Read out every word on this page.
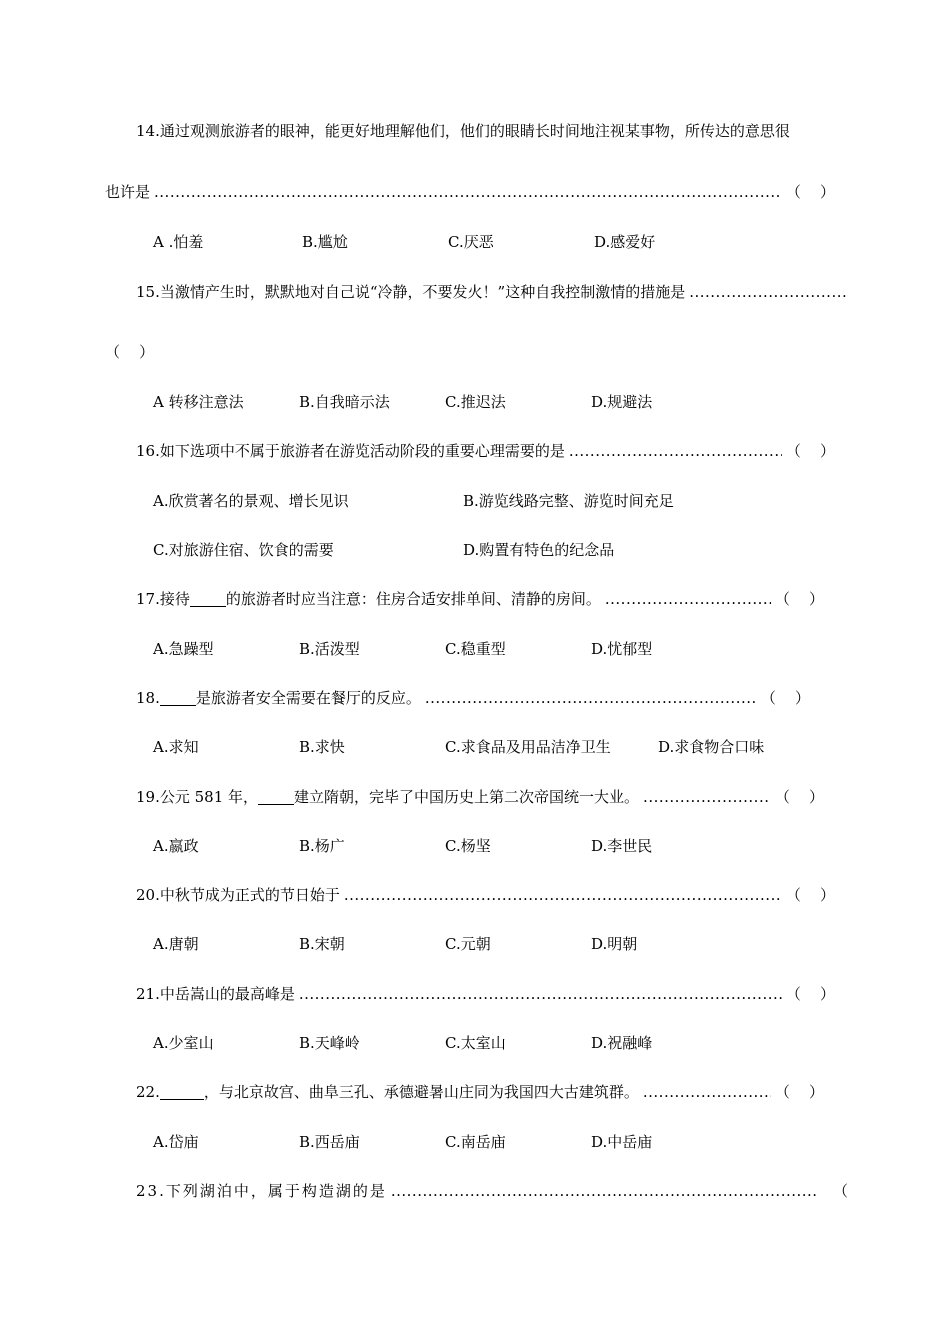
14.通过观测旅游者的眼神，能更好地理解他们，他们的眼睛长时间地注视某事物，所传达的意思很
也许是 .....	（    ）
A .怕羞	B.尴尬	C.厌恶	D.感爱好
15.当激情产生时，默默地对自己说“冷静，不要发火！”这种自我控制激情的措施是
.....
（    ）
A 转移注意法	B.自我暗示法	C.推迟法	D.规避法
16.如下选项中不属于旅游者在游览活动阶段的重要心理需要的是 .....	（    ）
A.欣赏著名的景观、增长见识	B.游览线路完整、游览时间充足
C.对旅游住宿、饮食的需要	D.购置有特色的纪念品
17.接待 的旅游者时应当注意：住房合适安排单间、清静的房间。 .....	（    ）
A.急躁型	B.活泼型	C.稳重型	D.忧郁型
18. 是旅游者安全需要在餐厅的反应。 .....	（    ）
A.求知	B.求快	C.求食品及用品洁净卫生	D.求食物合口味
19.公元 581 年， 建立隋朝，完毕了中国历史上第二次帝国统一大业。 .....	（    ）
A.嬴政	B.杨广	C.杨坚	D.李世民
20.中秋节成为正式的节日始于 .....	（    ）
A.唐朝	B.宋朝	C.元朝	D.明朝
21.中岳嵩山的最高峰是 .....	（    ）
A.少室山	B.天峰岭	C.太室山	D.祝融峰
22.	，与北京故宫、曲阜三孔、承德避暑山庄同为我国四大古建筑群。 .....	（    ）
A.岱庙	B.西岳庙	C.南岳庙	D.中岳庙
23.下列湖泊中，属于构造湖的是 .....	（
